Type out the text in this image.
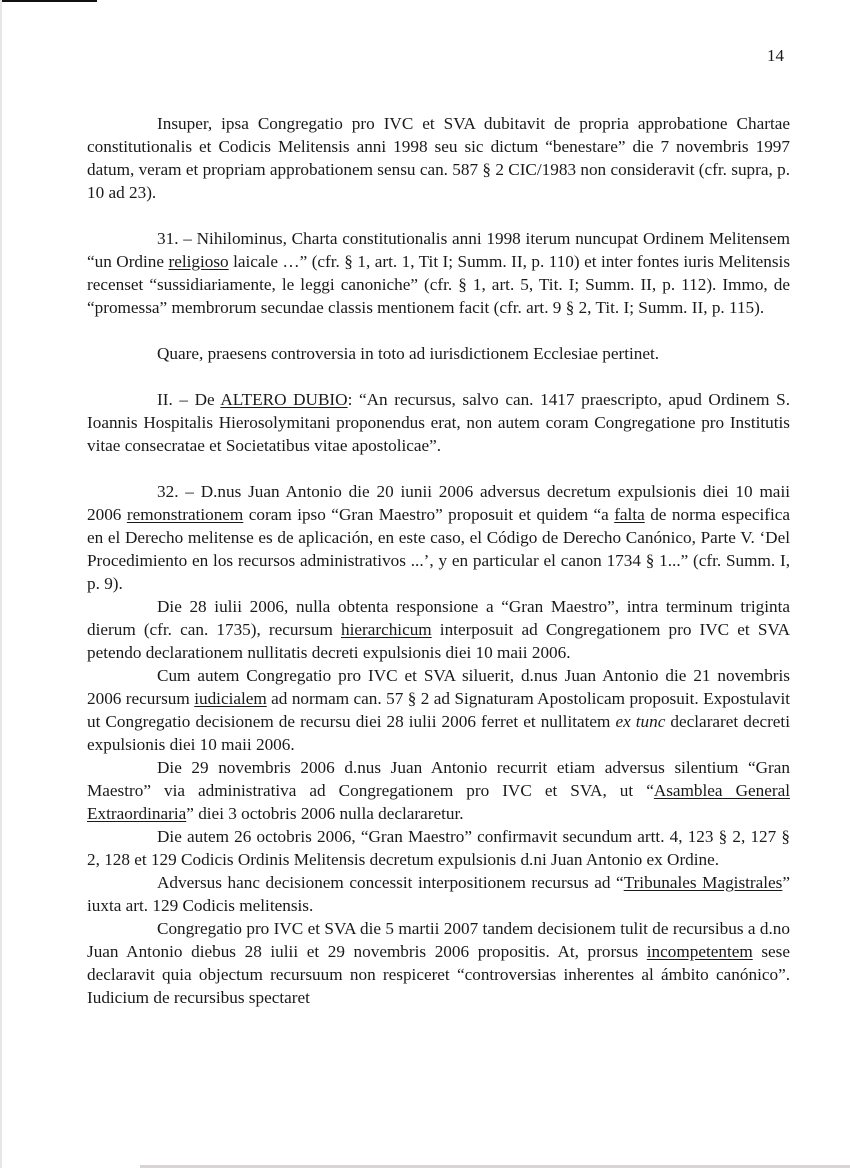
14

Insuper, ipsa Congregatio pro IVC et SVA dubitavit de propria approbatione Chartae constitutionalis et Codicis Melitensis anni 1998 seu sic dictum “benestare” die 7 novembris 1997 datum, veram et propriam approbationem sensu can. 587 § 2 CIC/1983 non consideravit (cfr. supra, p. 10 ad 23).

31. – Nihilominus, Charta constitutionalis anni 1998 iterum nuncupat Ordinem Melitensem “un Ordine religioso laicale …” (cfr. § 1, art. 1, Tit I; Summ. II, p. 110) et inter fontes iuris Melitensis recenset “sussidiariamente, le leggi canoniche” (cfr. § 1, art. 5, Tit. I; Summ. II, p. 112). Immo, de “promessa” membrorum secundae classis mentionem facit (cfr. art. 9 § 2, Tit. I; Summ. II, p. 115).

Quare, praesens controversia in toto ad iurisdictionem Ecclesiae pertinet.

II. – De ALTERO DUBIO: “An recursus, salvo can. 1417 praescripto, apud Ordinem S. Ioannis Hospitalis Hierosolymitani proponendus erat, non autem coram Congregatione pro Institutis vitae consecratae et Societatibus vitae apostolicae”.

32. – D.nus Juan Antonio die 20 iunii 2006 adversus decretum expulsionis diei 10 maii 2006 remonstrationem coram ipso “Gran Maestro” proposuit et quidem “a falta de norma especifica en el Derecho melitense es de aplicación, en este caso, el Código de Derecho Canónico, Parte V. ‘Del Procedimiento en los recursos administrativos ...’, y en particular el canon 1734 § 1...” (cfr. Summ. I, p. 9).

Die 28 iulii 2006, nulla obtenta responsione a “Gran Maestro”, intra terminum triginta dierum (cfr. can. 1735), recursum hierarchicum interposuit ad Congregationem pro IVC et SVA petendo declarationem nullitatis decreti expulsionis diei 10 maii 2006.

Cum autem Congregatio pro IVC et SVA siluerit, d.nus Juan Antonio die 21 novembris 2006 recursum iudicialem ad normam can. 57 § 2 ad Signaturam Apostolicam proposuit. Expostulavit ut Congregatio decisionem de recursu diei 28 iulii 2006 ferret et nullitatem ex tunc declararet decreti expulsionis diei 10 maii 2006.

Die 29 novembris 2006 d.nus Juan Antonio recurrit etiam adversus silentium “Gran Maestro” via administrativa ad Congregationem pro IVC et SVA, ut “Asamblea General Extraordinaria” diei 3 octobris 2006 nulla declararetur.

Die autem 26 octobris 2006, “Gran Maestro” confirmavit secundum artt. 4, 123 § 2, 127 § 2, 128 et 129 Codicis Ordinis Melitensis decretum expulsionis d.ni Juan Antonio ex Ordine.

Adversus hanc decisionem concessit interpositionem recursus ad “Tribunales Magistrales” iuxta art. 129 Codicis melitensis.

Congregatio pro IVC et SVA die 5 martii 2007 tandem decisionem tulit de recursibus a d.no Juan Antonio diebus 28 iulii et 29 novembris 2006 propositis. At, prorsus incompetentem sese declaravit quia objectum recursuum non respiceret “controversias inherentes al ámbito canónico”. Iudicium de recursibus spectaret
